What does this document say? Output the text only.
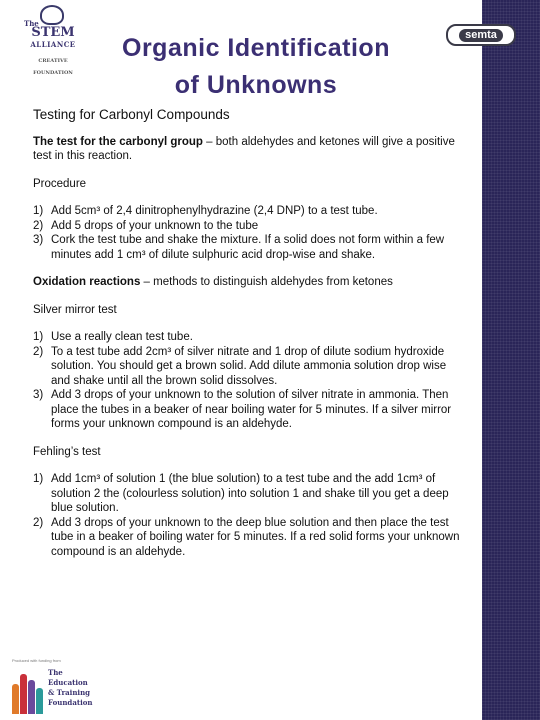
The
STEM
ALLIANCE
CREATIVE FOUNDATION
semta
Organic Identification
of Unknowns

Testing for Carbonyl Compounds

The test for the carbonyl group – both aldehydes and ketones will give a positive test in this reaction.

Procedure

1) Add 5cm³ of 2,4 dinitrophenylhydrazine (2,4 DNP) to a test tube.
2) Add 5 drops of your unknown to the tube
3) Cork the test tube and shake the mixture. If a solid does not form within a few minutes add 1 cm³ of dilute sulphuric acid drop-wise and shake.

Oxidation reactions – methods to distinguish aldehydes from ketones

Silver mirror test

1) Use a really clean test tube.
2) To a test tube add 2cm³ of silver nitrate and 1 drop of dilute sodium hydroxide solution. You should get a brown solid. Add dilute ammonia solution drop wise and shake until all the brown solid dissolves.
3) Add 3 drops of your unknown to the solution of silver nitrate in ammonia. Then place the tubes in a beaker of near boiling water for 5 minutes. If a silver mirror forms your unknown compound is an aldehyde.

Fehling’s test

1) Add 1cm³ of solution 1 (the blue solution) to a test tube and the add 1cm³ of solution 2 the (colourless solution) into solution 1 and shake till you get a deep blue solution.
2) Add 3 drops of your unknown to the deep blue solution and then place the test tube in a beaker of boiling water for 5 minutes. If a red solid forms your unknown compound is an aldehyde.
Produced with funding from
The
Education
& Training
Foundation
